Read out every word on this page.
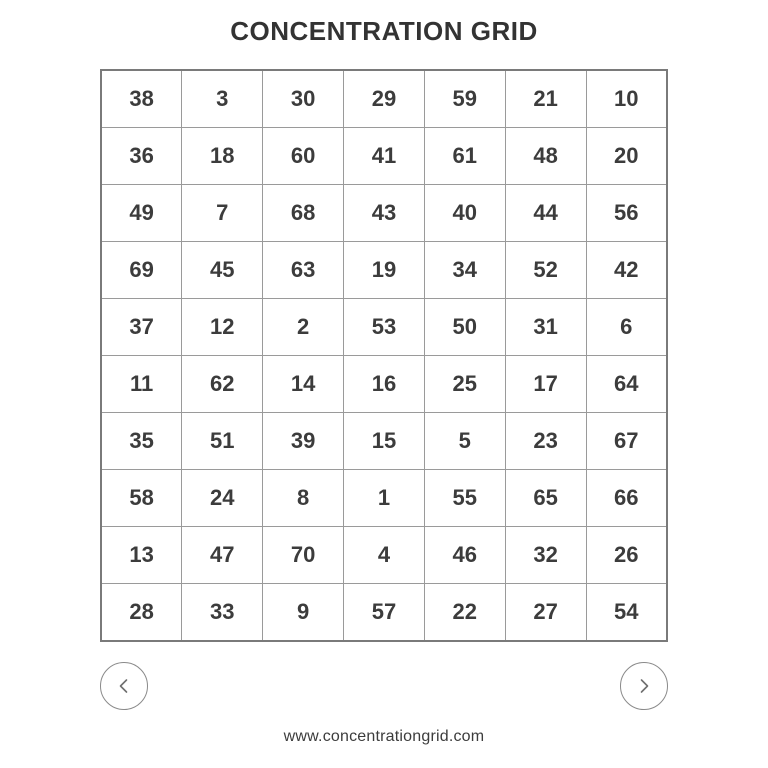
CONCENTRATION GRID
38	3	30	29	59	21	10
36	18	60	41	61	48	20
49	7	68	43	40	44	56
69	45	63	19	34	52	42
37	12	2	53	50	31	6
11	62	14	16	25	17	64
35	51	39	15	5	23	67
58	24	8	1	55	65	66
13	47	70	4	46	32	26
28	33	9	57	22	27	54
www.concentrationgrid.com
